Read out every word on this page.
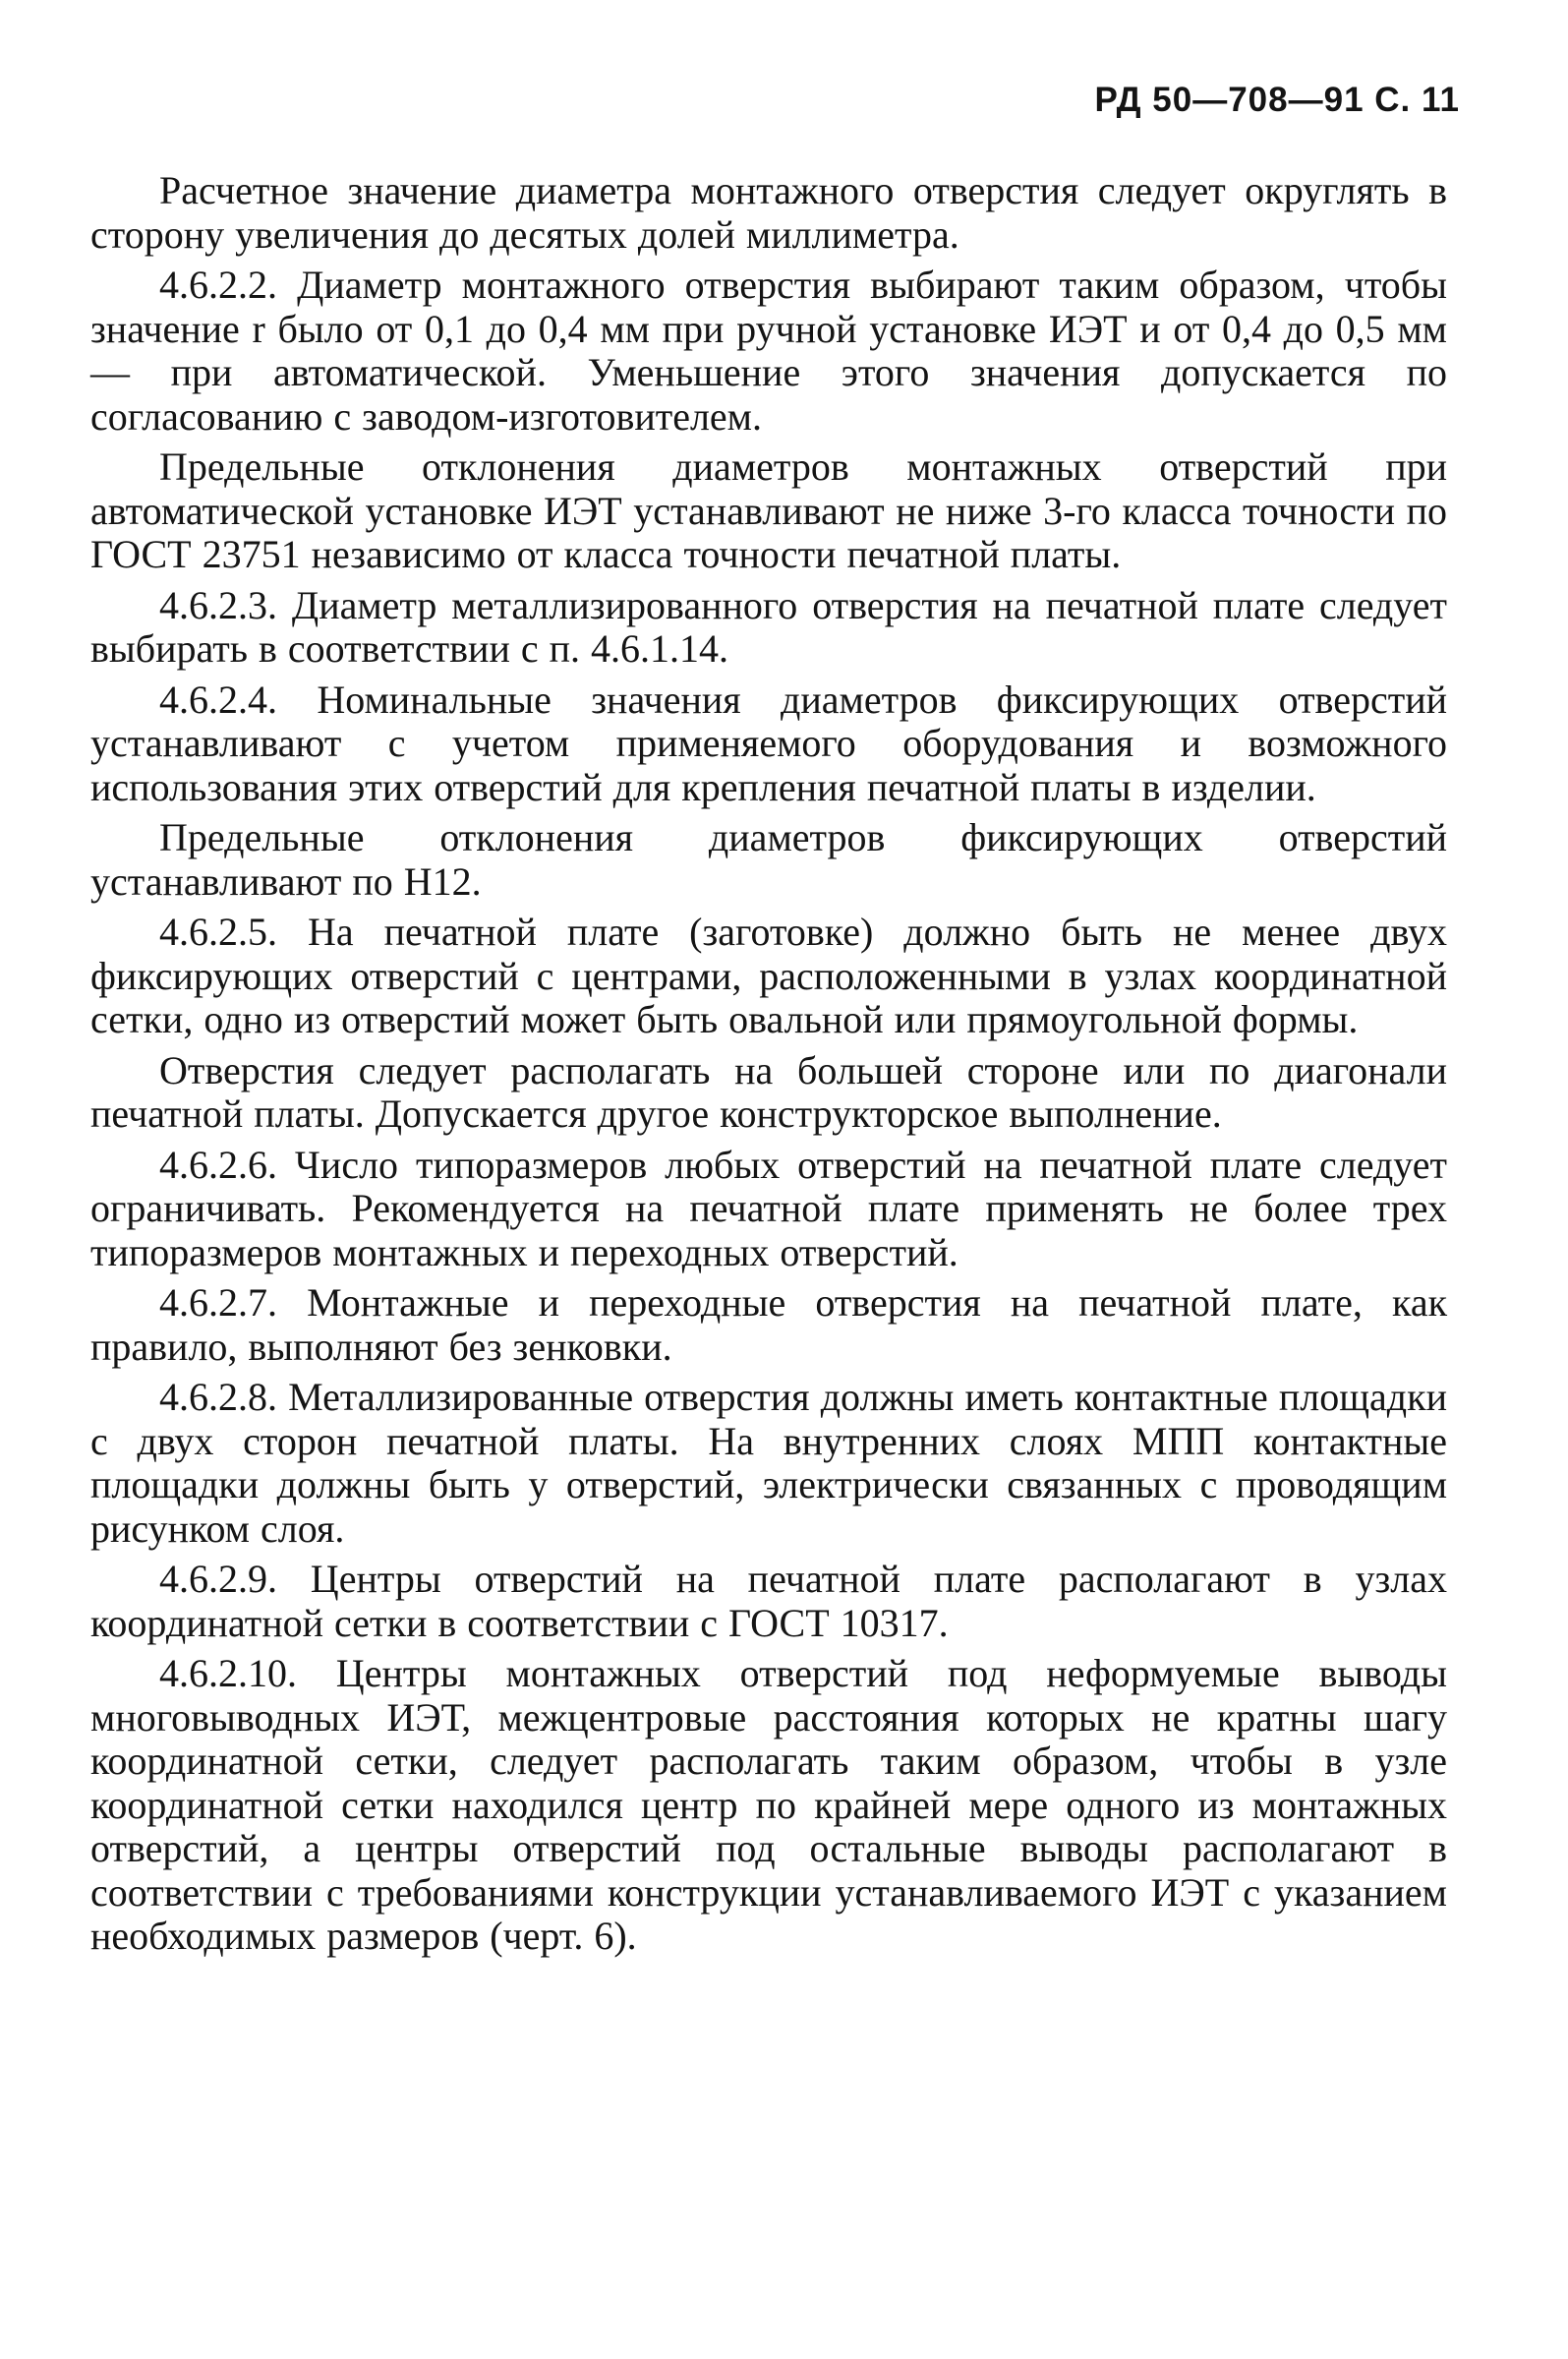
РД 50—708—91 С. 11

Расчетное значение диаметра монтажного отверстия следует округлять в сторону увеличения до десятых долей миллиметра.

4.6.2.2. Диаметр монтажного отверстия выбирают таким образом, чтобы значение r было от 0,1 до 0,4 мм при ручной установке ИЭТ и от 0,4 до 0,5 мм — при автоматической. Уменьшение этого значения допускается по согласованию с заводом-изготовителем.

Предельные отклонения диаметров монтажных отверстий при автоматической установке ИЭТ устанавливают не ниже 3-го класса точности по ГОСТ 23751 независимо от класса точности печатной платы.

4.6.2.3. Диаметр металлизированного отверстия на печатной плате следует выбирать в соответствии с п. 4.6.1.14.

4.6.2.4. Номинальные значения диаметров фиксирующих отверстий устанавливают с учетом применяемого оборудования и возможного использования этих отверстий для крепления печатной платы в изделии.

Предельные отклонения диаметров фиксирующих отверстий устанавливают по Н12.

4.6.2.5. На печатной плате (заготовке) должно быть не менее двух фиксирующих отверстий с центрами, расположенными в узлах координатной сетки, одно из отверстий может быть овальной или прямоугольной формы.

Отверстия следует располагать на большей стороне или по диагонали печатной платы. Допускается другое конструкторское выполнение.

4.6.2.6. Число типоразмеров любых отверстий на печатной плате следует ограничивать. Рекомендуется на печатной плате применять не более трех типоразмеров монтажных и переходных отверстий.

4.6.2.7. Монтажные и переходные отверстия на печатной плате, как правило, выполняют без зенковки.

4.6.2.8. Металлизированные отверстия должны иметь контактные площадки с двух сторон печатной платы. На внутренних слоях МПП контактные площадки должны быть у отверстий, электрически связанных с проводящим рисунком слоя.

4.6.2.9. Центры отверстий на печатной плате располагают в узлах координатной сетки в соответствии с ГОСТ 10317.

4.6.2.10. Центры монтажных отверстий под неформуемые выводы многовыводных ИЭТ, межцентровые расстояния которых не кратны шагу координатной сетки, следует располагать таким образом, чтобы в узле координатной сетки находился центр по крайней мере одного из монтажных отверстий, а центры отверстий под остальные выводы располагают в соответствии с требованиями конструкции устанавливаемого ИЭТ с указанием необходимых размеров (черт. 6).
